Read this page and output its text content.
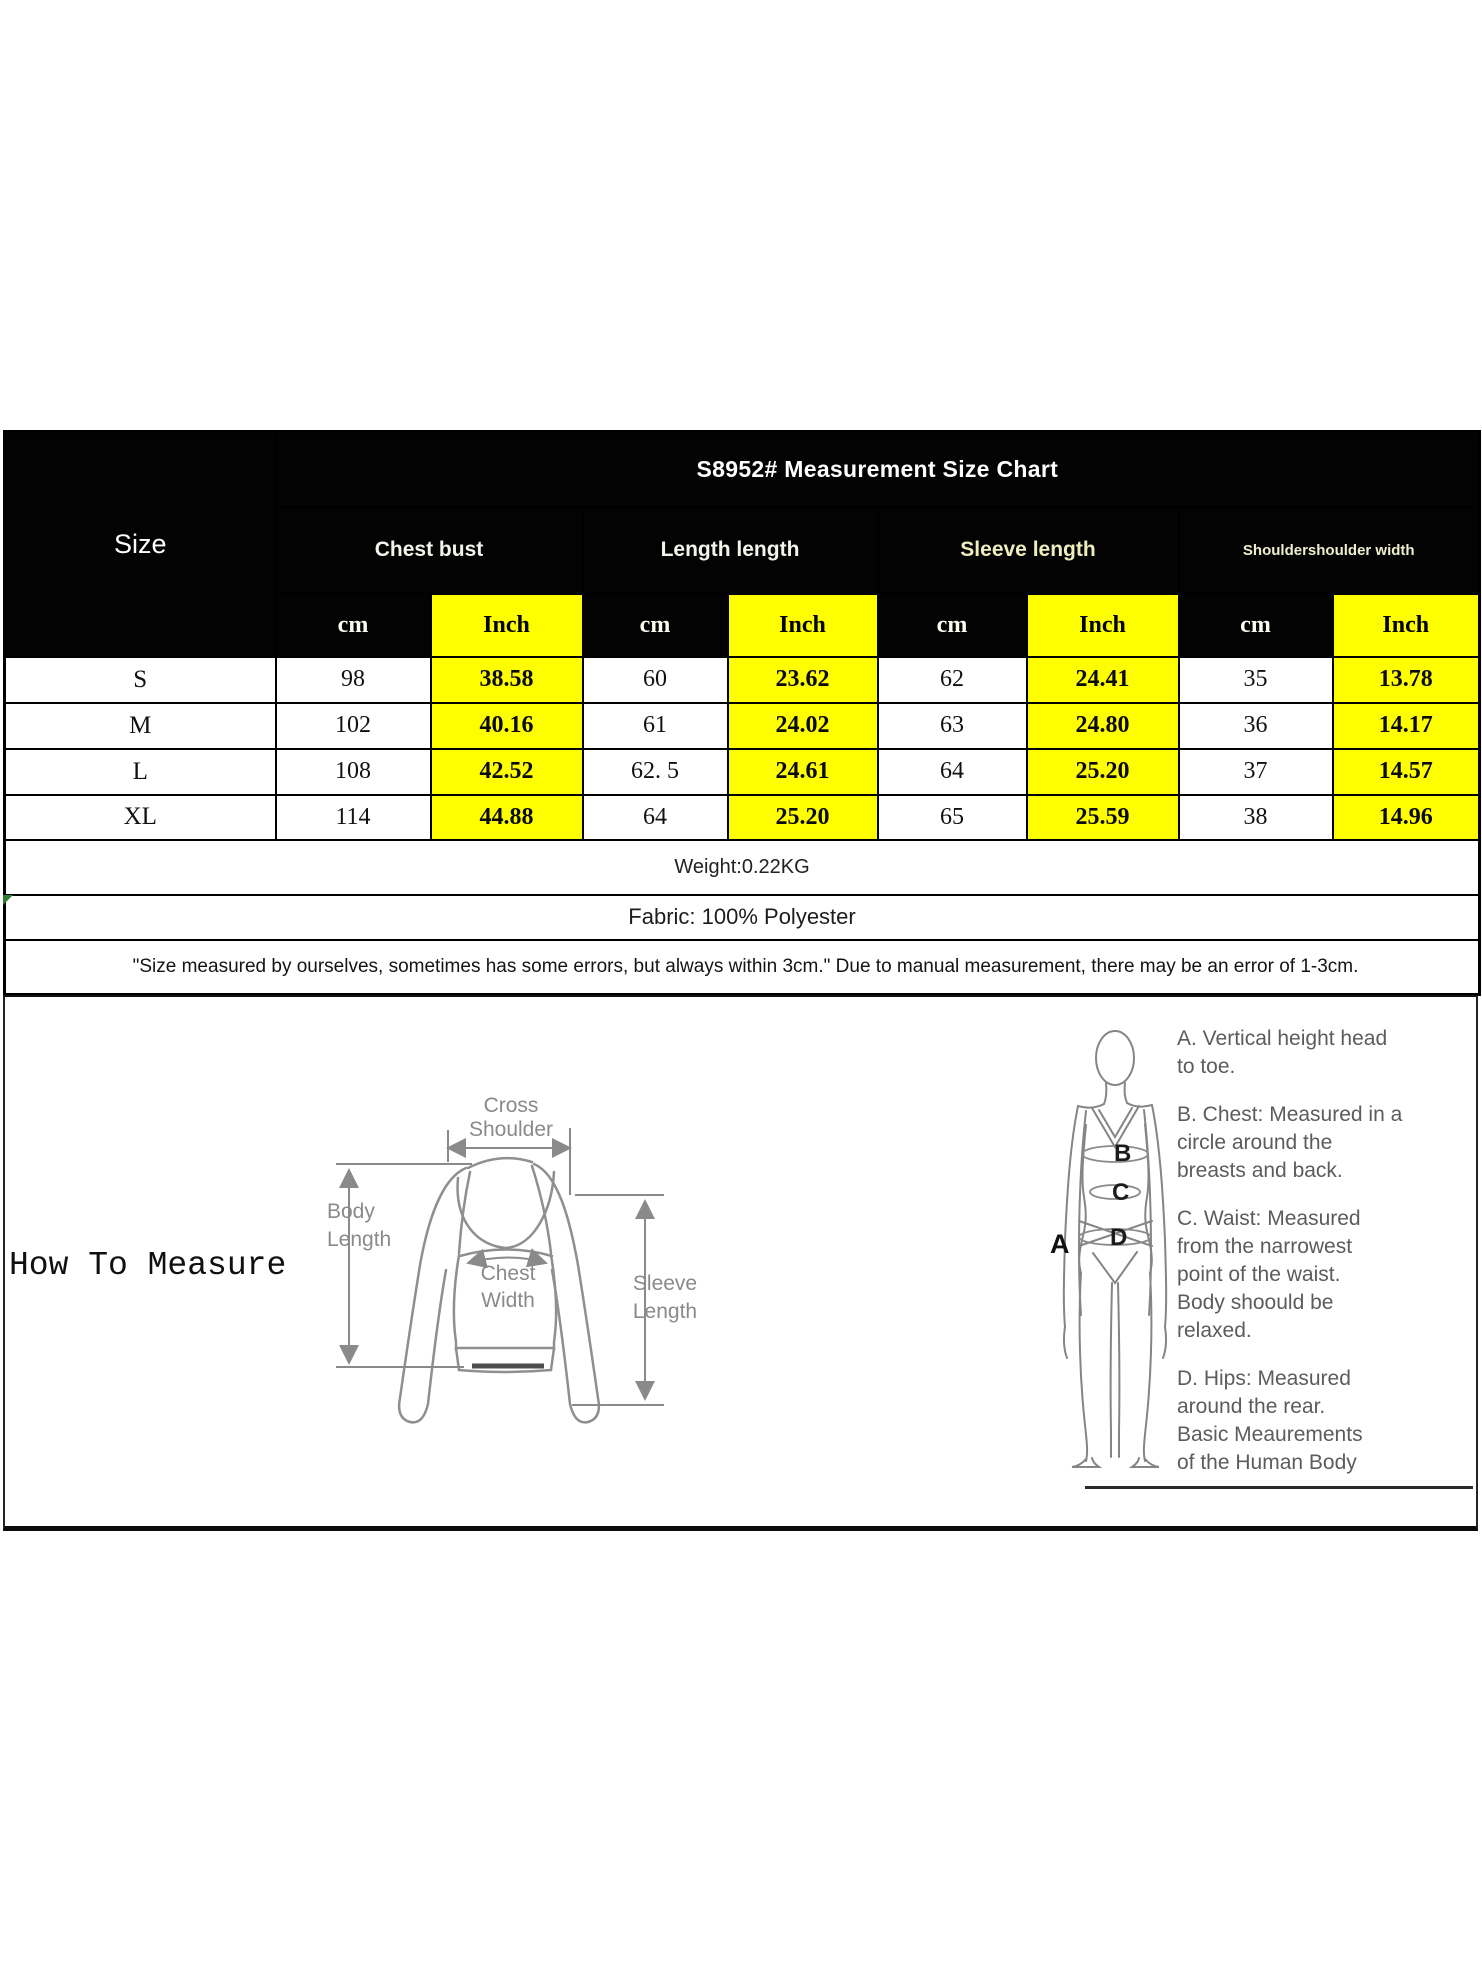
Size	S8952# Measurement Size Chart							
	Chest bust		Length length		Sleeve length		Shouldershoulder width	
	cm	Inch	cm	Inch	cm	Inch	cm	Inch
S	98	38.58	60	23.62	62	24.41	35	13.78
M	102	40.16	61	24.02	63	24.80	36	14.17
L	108	42.52	62. 5	24.61	64	25.20	37	14.57
XL	114	44.88	64	25.20	65	25.59	38	14.96
Weight:0.22KG								
Fabric: 100% Polyester								
"Size measured by ourselves, sometimes has some errors, but always within 3cm." Due to manual measurement, there may be an error of 1-3cm.								
How To Measure
Cross
Shoulder
Body
Length
Chest
Width
Sleeve
Length
A
B
C
D
A. Vertical height head
to toe.
B. Chest: Measured in a
circle around the
breasts and back.
C. Waist: Measured
from the narrowest
point of the waist.
Body shoould be
relaxed.
D. Hips: Measured
around the rear.
Basic Meaurements
of the Human Body
